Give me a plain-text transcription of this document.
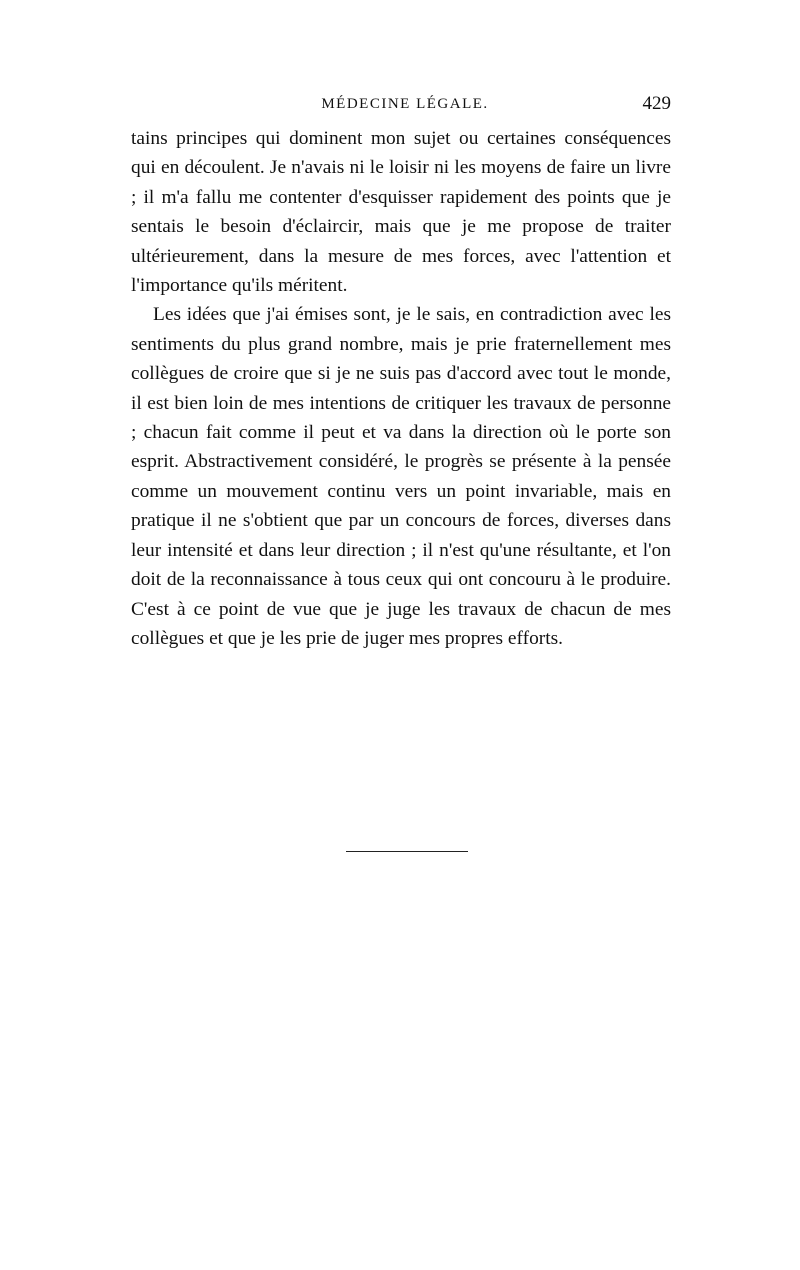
MÉDECINE LÉGALE.	429

tains principes qui dominent mon sujet ou certaines conséquences qui en découlent. Je n'avais ni le loisir ni les moyens de faire un livre ; il m'a fallu me contenter d'esquisser rapidement des points que je sentais le besoin d'éclaircir, mais que je me propose de traiter ultérieurement, dans la mesure de mes forces, avec l'attention et l'importance qu'ils méritent.

Les idées que j'ai émises sont, je le sais, en contradiction avec les sentiments du plus grand nombre, mais je prie fraternellement mes collègues de croire que si je ne suis pas d'accord avec tout le monde, il est bien loin de mes intentions de critiquer les travaux de personne ; chacun fait comme il peut et va dans la direction où le porte son esprit. Abstractivement considéré, le progrès se présente à la pensée comme un mouvement continu vers un point invariable, mais en pratique il ne s'obtient que par un concours de forces, diverses dans leur intensité et dans leur direction ; il n'est qu'une résultante, et l'on doit de la reconnaissance à tous ceux qui ont concouru à le produire. C'est à ce point de vue que je juge les travaux de chacun de mes collègues et que je les prie de juger mes propres efforts.
